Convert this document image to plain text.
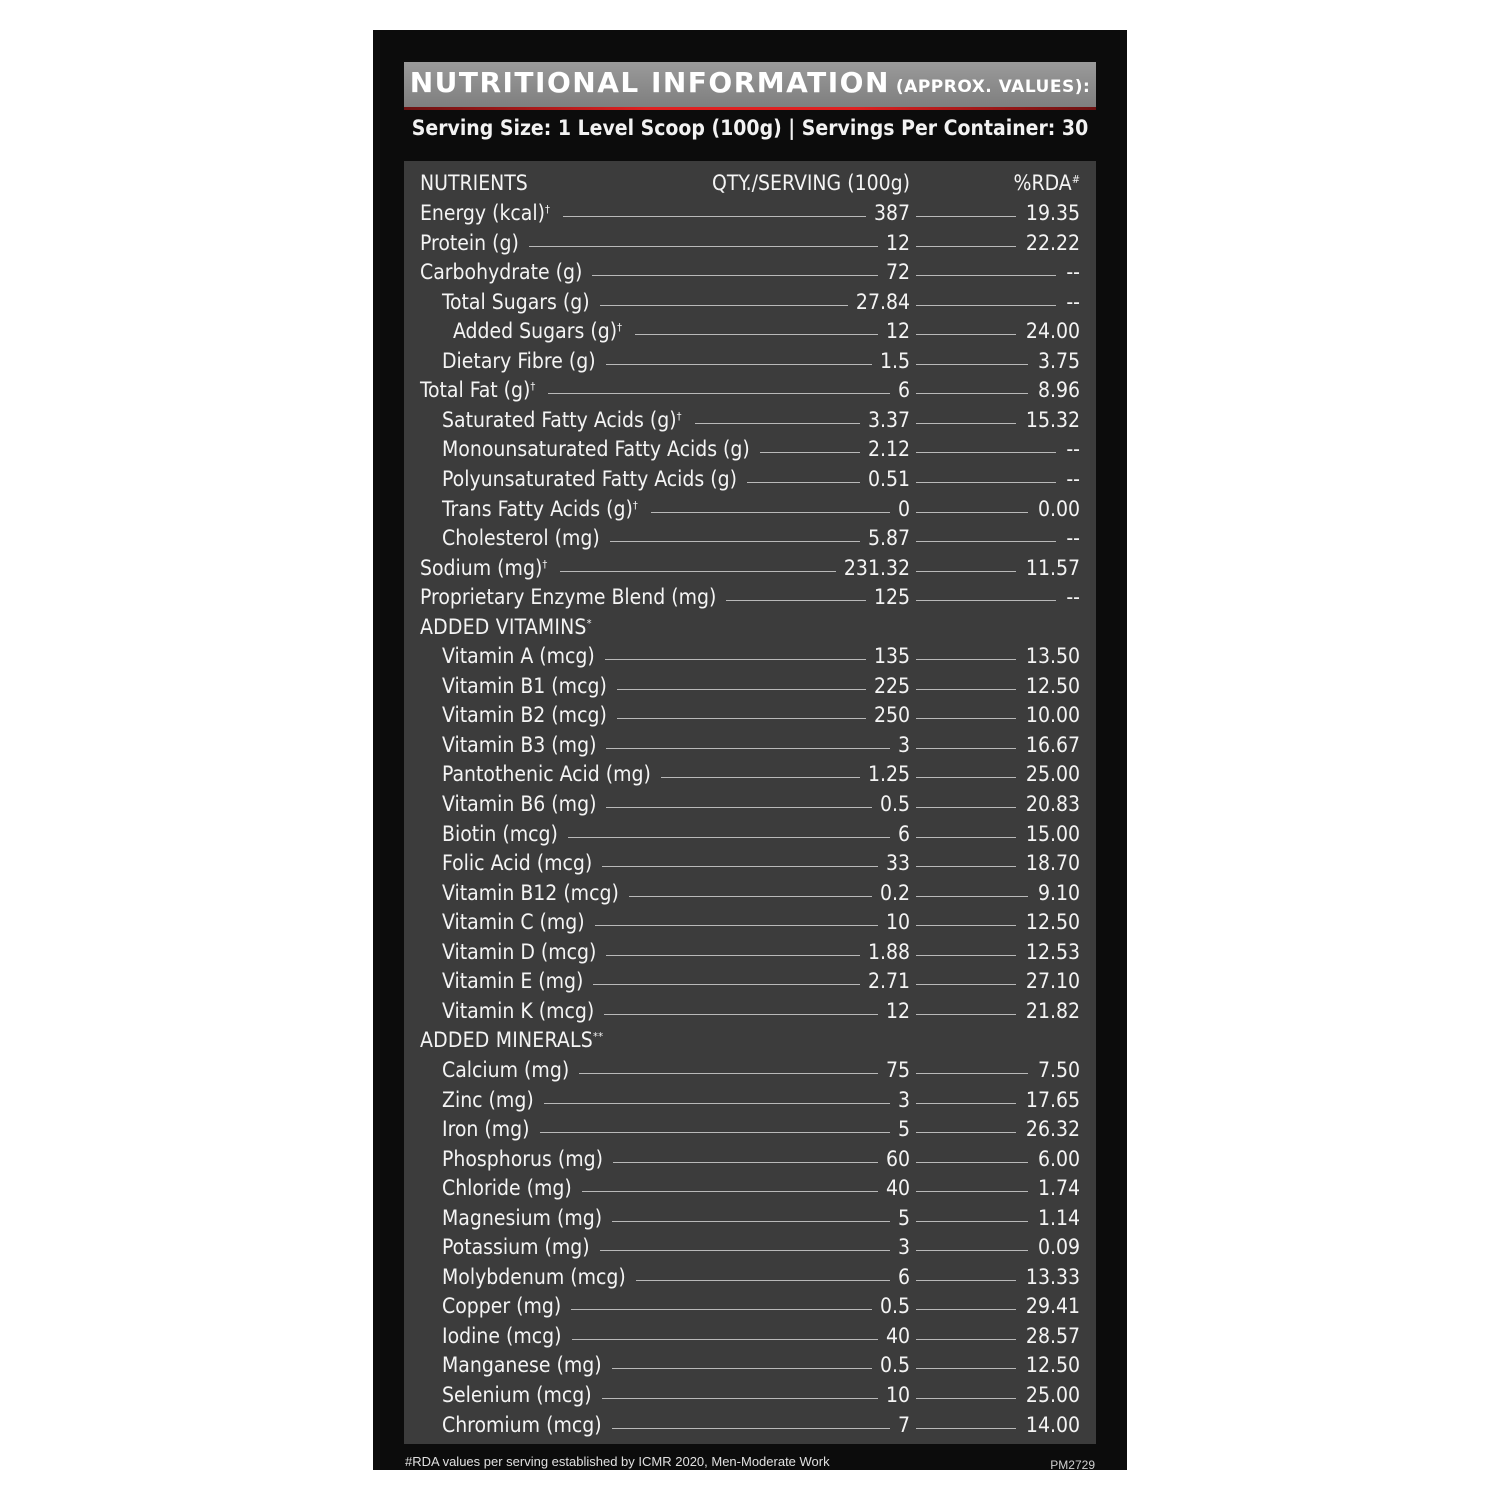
NUTRITIONAL INFORMATION (APPROX. VALUES):
Serving Size: 1 Level Scoop (100g) | Servings Per Container: 30
NUTRIENTS	QTY./SERVING (100g)	%RDA#
Energy (kcal)†	387	19.35
Protein (g)	12	22.22
Carbohydrate (g)	72	--
Total Sugars (g)	27.84	--
Added Sugars (g)†	12	24.00
Dietary Fibre (g)	1.5	3.75
Total Fat (g)†	6	8.96
Saturated Fatty Acids (g)†	3.37	15.32
Monounsaturated Fatty Acids (g)	2.12	--
Polyunsaturated Fatty Acids (g)	0.51	--
Trans Fatty Acids (g)†	0	0.00
Cholesterol (mg)	5.87	--
Sodium (mg)†	231.32	11.57
Proprietary Enzyme Blend (mg)	125	--
ADDED VITAMINS*
Vitamin A (mcg)	135	13.50
Vitamin B1 (mcg)	225	12.50
Vitamin B2 (mcg)	250	10.00
Vitamin B3 (mg)	3	16.67
Pantothenic Acid (mg)	1.25	25.00
Vitamin B6 (mg)	0.5	20.83
Biotin (mcg)	6	15.00
Folic Acid (mcg)	33	18.70
Vitamin B12 (mcg)	0.2	9.10
Vitamin C (mg)	10	12.50
Vitamin D (mcg)	1.88	12.53
Vitamin E (mg)	2.71	27.10
Vitamin K (mcg)	12	21.82
ADDED MINERALS**
Calcium (mg)	75	7.50
Zinc (mg)	3	17.65
Iron (mg)	5	26.32
Phosphorus (mg)	60	6.00
Chloride (mg)	40	1.74
Magnesium (mg)	5	1.14
Potassium (mg)	3	0.09
Molybdenum (mcg)	6	13.33
Copper (mg)	0.5	29.41
Iodine (mcg)	40	28.57
Manganese (mg)	0.5	12.50
Selenium (mcg)	10	25.00
Chromium (mcg)	7	14.00
#RDA values per serving established by ICMR 2020, Men-Moderate Work	PM2729
